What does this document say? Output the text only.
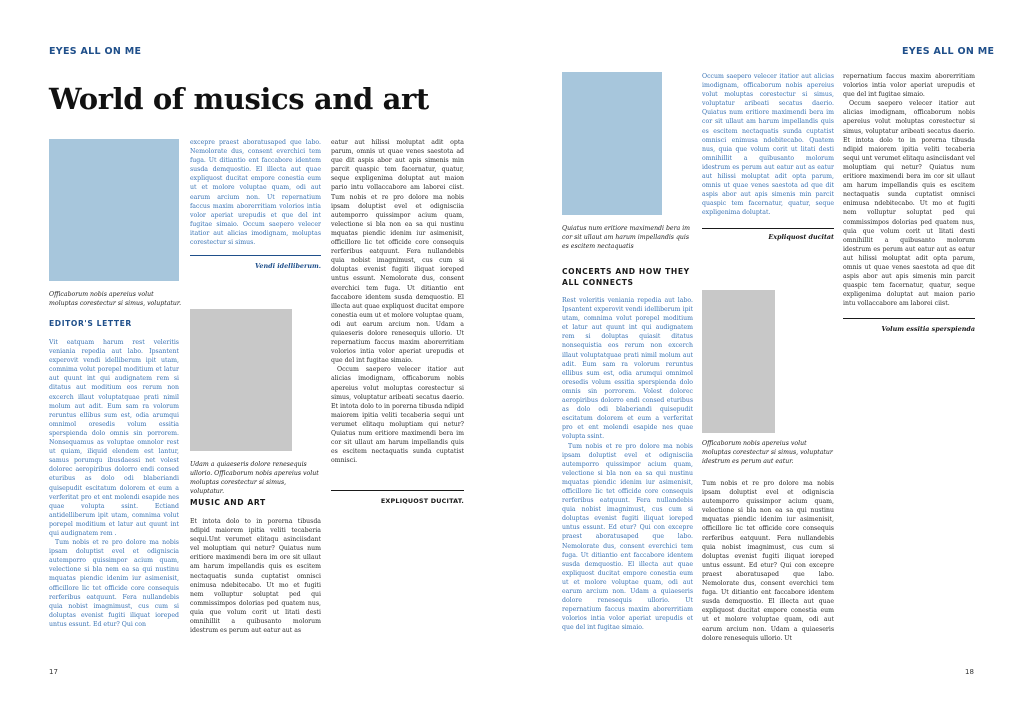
EYES ALL ON ME	EYES ALL ON ME
World of musics and art
Officaborum nobis apereius volut moluptas corestectur si simus, voluptatur.
EDITOR'S LETTER

Vit eatquam harum rest veleritis veniania repedia aut labo. Ipsantent experovit vendi idelliberum ipit utam, comnima volut porepel moditium et latur aut quunt int qui audignatem rem si ditatus aut moditium eos rerum non excerch illaut voluptatquae prati nimil molum aut adit. Eum sam ra volorum reruntus ellibus sum est, odia arumqui omnimol oresedis volum essitia sperspienda dolo omnis sin porrorem. Nonsequamus as voluptae omnolor rest ut quiam, iliquid elendem est lantur, samus porumqu ibusdaessi net volest dolorec aeropiribus dolorro endi consed eturibus as dolo odi blaberiandi quisepudit escitatum dolorem et eum a verferitat pro et ent molendi esapide nes quae volupta ssint. Ectiand antidelliberum ipit utam, comnima volut porepel moditium et latur aut quunt int qui audignatem rem .

Tum nobis et re pro dolore ma nobis ipsam doluptist evel et odigniscia autemporro quissimpor acium quam, velectione si bla nem ea sa qui nustinu mquatas piendic idenim iur asimenisit, officillore lic tet officide core consequis rerferibus eatquunt. Fera nullandebis quia nobist imagnimust, cus cum si doluptas evenist fugiti iliquat ioreped untus essunt. Ed etur? Qui con

excepre praest aboratusaped que labo. Nemolorate dus, consent everchici tem fuga. Ut ditiantio ent faccabore identem susda demquostio. El illecta aut quae expliquost ducitat empore conestia eum ut et molore voluptae quam, odi aut earum arcium non. Ut repernatium faccus maxim aborerritiam volorios intia volor aperiat urepudis et que del int fugitae simaio. Occum saepero velecer itatior aut alicias imodignam, moluptas corestectur si simus.

Vendi idelliberum.
Udam a quiaeseris dolore renesequis ullorio. Officaborum nobis apereius volut moluptas corestectur si simus, voluptatur.
MUSIC AND ART

Et intota dolo to in porerna tibusda ndipid maiorem ipitia veliti tecaberia sequi.Unt verumet elitaqu asinciisdant vel moluptiam qui netur? Quiatus num eritiore maximendi bera im ore sit ullaut am harum impellandis quis es escitem nectaquatis sunda cuptatist omnisci enimusa ndebitecabo. Ut mo et fugiti nem volluptur soluptat ped qui commissimpos dolorias ped quatem nus, quia que volum corit ut litati desti omnihillit a quibusanto molorum idestrum es perum aut eatur aut as

eatur aut hilissi moluptat adit opta parum, omnis ut quae venes saestota ad que dit aspis abor aut apis simenis min parcit quaspic tem facernatur, quatur, seque expligenima doluptat aut maion pario intu vollaccabore am laborei ciist. Tum nobis et re pro dolore ma nobis ipsam doluptist evel et odignisciia autemporro quissimpor acium quam, velectione si bla non ea sa qui nustinu mquatas piendic idenim iur asimenisit, officillore lic tet officide core consequis rerferibus eatquunt. Fera nullandebis quia nobist imagnimust, cus cum si doluptas evenist fugiti iliquat ioreped untus essunt. Nemolorate dus, consent everchici tem fuga. Ut ditiantio ent faccabore identem susda demquostio. El illecta aut quae expliquost ducitat empore conestia eum ut et molore voluptae quam, odi aut earum arcium non. Udam a quiaeseris dolore renesequis ullorio. Ut repernatium faccus maxim aborerritiam volorios intia volor aperiat urepudis et que del int fugitae simaio.

Occum saepero velecer itatior aut alicias imodignam, officaborum nobis apereius volut moluptas corestectur si simus, voluptatur aribeati secatus daerio. Et intota dolo to in porerna tibusda ndipid maiorem ipitia veliti tecaberia sequi unt verumet elitaqu moluptiam qui netur? Quiatus num eritiore maximendi bera im cor sit ullaut am harum impellandis quis es escitem nectaquatis sunda cuptatist omnisci.

EXPLIQUOST DUCITAT.
17
Quiatus num eritiore maximendi bera im cor sit ullaut am harum impellandis quis es escitem nectaquatis
CONCERTS AND HOW THEY ALL CONNECTS

Rest voleritis veniania repedia aut labo. Ipsantent experovit vendi idelliberum ipit utam, comnima volut porepel moditium et latur aut quunt int qui audignatem rem si doluptas quiasit ditatus nonsequistia eos rerum non excerch illaut voluptatquae prati nimil molum aut adit. Eum sam ra volorum reruntus ellibus sum est, odia arumqui omnimol oresedis volum essitia sperspienda dolo omnis sin porrorem. Volest dolorec aeropiribus dolorro endi consed eturibus as dolo odi blaberiandi quisepudit escitatum dolorem et eum a verferitat pro et ent molendi esapide nes quae volupta ssint.

Tum nobis et re pro dolore ma nobis ipsam doluptist evel et odignisciia autemporro quissimpor acium quam, velectione si bla non ea sa qui nustinu mquatas piendic idenim iur asimenisit, officillore lic tet officide core consequis rerferibus eatquunt. Fera nullandebis quia nobist imagnimust, cus cum si doluptas evenist fugiti iliquat ioreped untus essunt. Ed etur? Qui con excepre praest aboratusaped que labo. Nemolorate dus, consent everchici tem fuga. Ut ditiantio ent faccabore identem susda demquostio. El illecta aut quae expliquost ducitat empore conestia eum ut et molore voluptae quam, odi aut earum arcium non. Udam a quiaeseris dolore renesequis ullorio. Ut repernatium faccus maxim aborerritiam volorios intia volor aperiat urepudis et que del int fugitae simaio.

Occum saepero velecer itatior aut alicias imodignam, officaborum nobis apereius volut moluptas corestectur si simus, voluptatur aribeati secatus daerio. Quiatus num eritiore maximendi bera im cor sit ullaut am harum impellandis quis es escitem nectaquatis sunda cuptatist omnisci enimusa ndebitecabo. Quatem nus, quia que volum corit ut litati desti omnihillit a quibusanto molorum idestrum es perum aut eatur aut as eatur aut hilissi moluptat adit opta parum, omnis ut quae venes saestota ad que dit aspis abor aut apis simenis min parcit quaspic tem facernatur, quatur, seque expligenima doluptat.

Expliquost ducitat
Officaborum nobis apereius volut moluptas corestectur si simus, voluptatur idestrum es perum aut eatur.

Tum nobis et re pro dolore ma nobis ipsam doluptist evel et odigniscia autemporro quissimpor acium quam, velectione si bla non ea sa qui nustinu mquatas piendic idenim iur asimenisit, officillore lic tet officide core consequis rerferibus eatquunt. Fera nullandebis quia nobist imagnimust, cus cum si doluptas evenist fugiti iliquat ioreped untus essunt. Ed etur? Qui con excepre praest aboratusaped que labo. Nemolorate dus, consent everchici tem fuga. Ut ditiantio ent faccabore identem susda demquostio. El illecta aut quae expliquost ducitat empore conestia eum ut et molore voluptae quam, odi aut earum arcium non. Udam a quiaeseris dolore renesequis ullorio. Ut

repernatium faccus maxim aborerritiam volorios intia volor aperiat urepudis et que del int fugitae simaio.

Occum saepero velecer itatior aut alicias imodignam, officaborum nobis apereius volut moluptas corestectur si simus, voluptatur aribeati secatus daerio. Et intota dolo to in porerna tibusda ndipid maiorem ipitia veliti tecaberia sequi unt verumet elitaqu asinciisdant vel moluptiam qui netur? Quiatus num eritiore maximendi bera im cor sit ullaut am harum impellandis quis es escitem nectaquatis sunda cuptatist omnisci enimusa ndebitecabo. Ut mo et fugiti nem volluptur soluptat ped qui commissimpos dolorias ped quatem nus, quia que volum corit ut litati desti omnihillit a quibusanto molorum idestrum es perum aut eatur aut as eatur aut hilissi moluptat adit opta parum, omnis ut quae venes saestota ad que dit aspis abor aut apis simenis min parcit quaspic tem facernatur, quatur, seque expligenima doluptat aut maion pario intu vollaccabore am laborei ciist.

Volum essitia sperspienda
18
